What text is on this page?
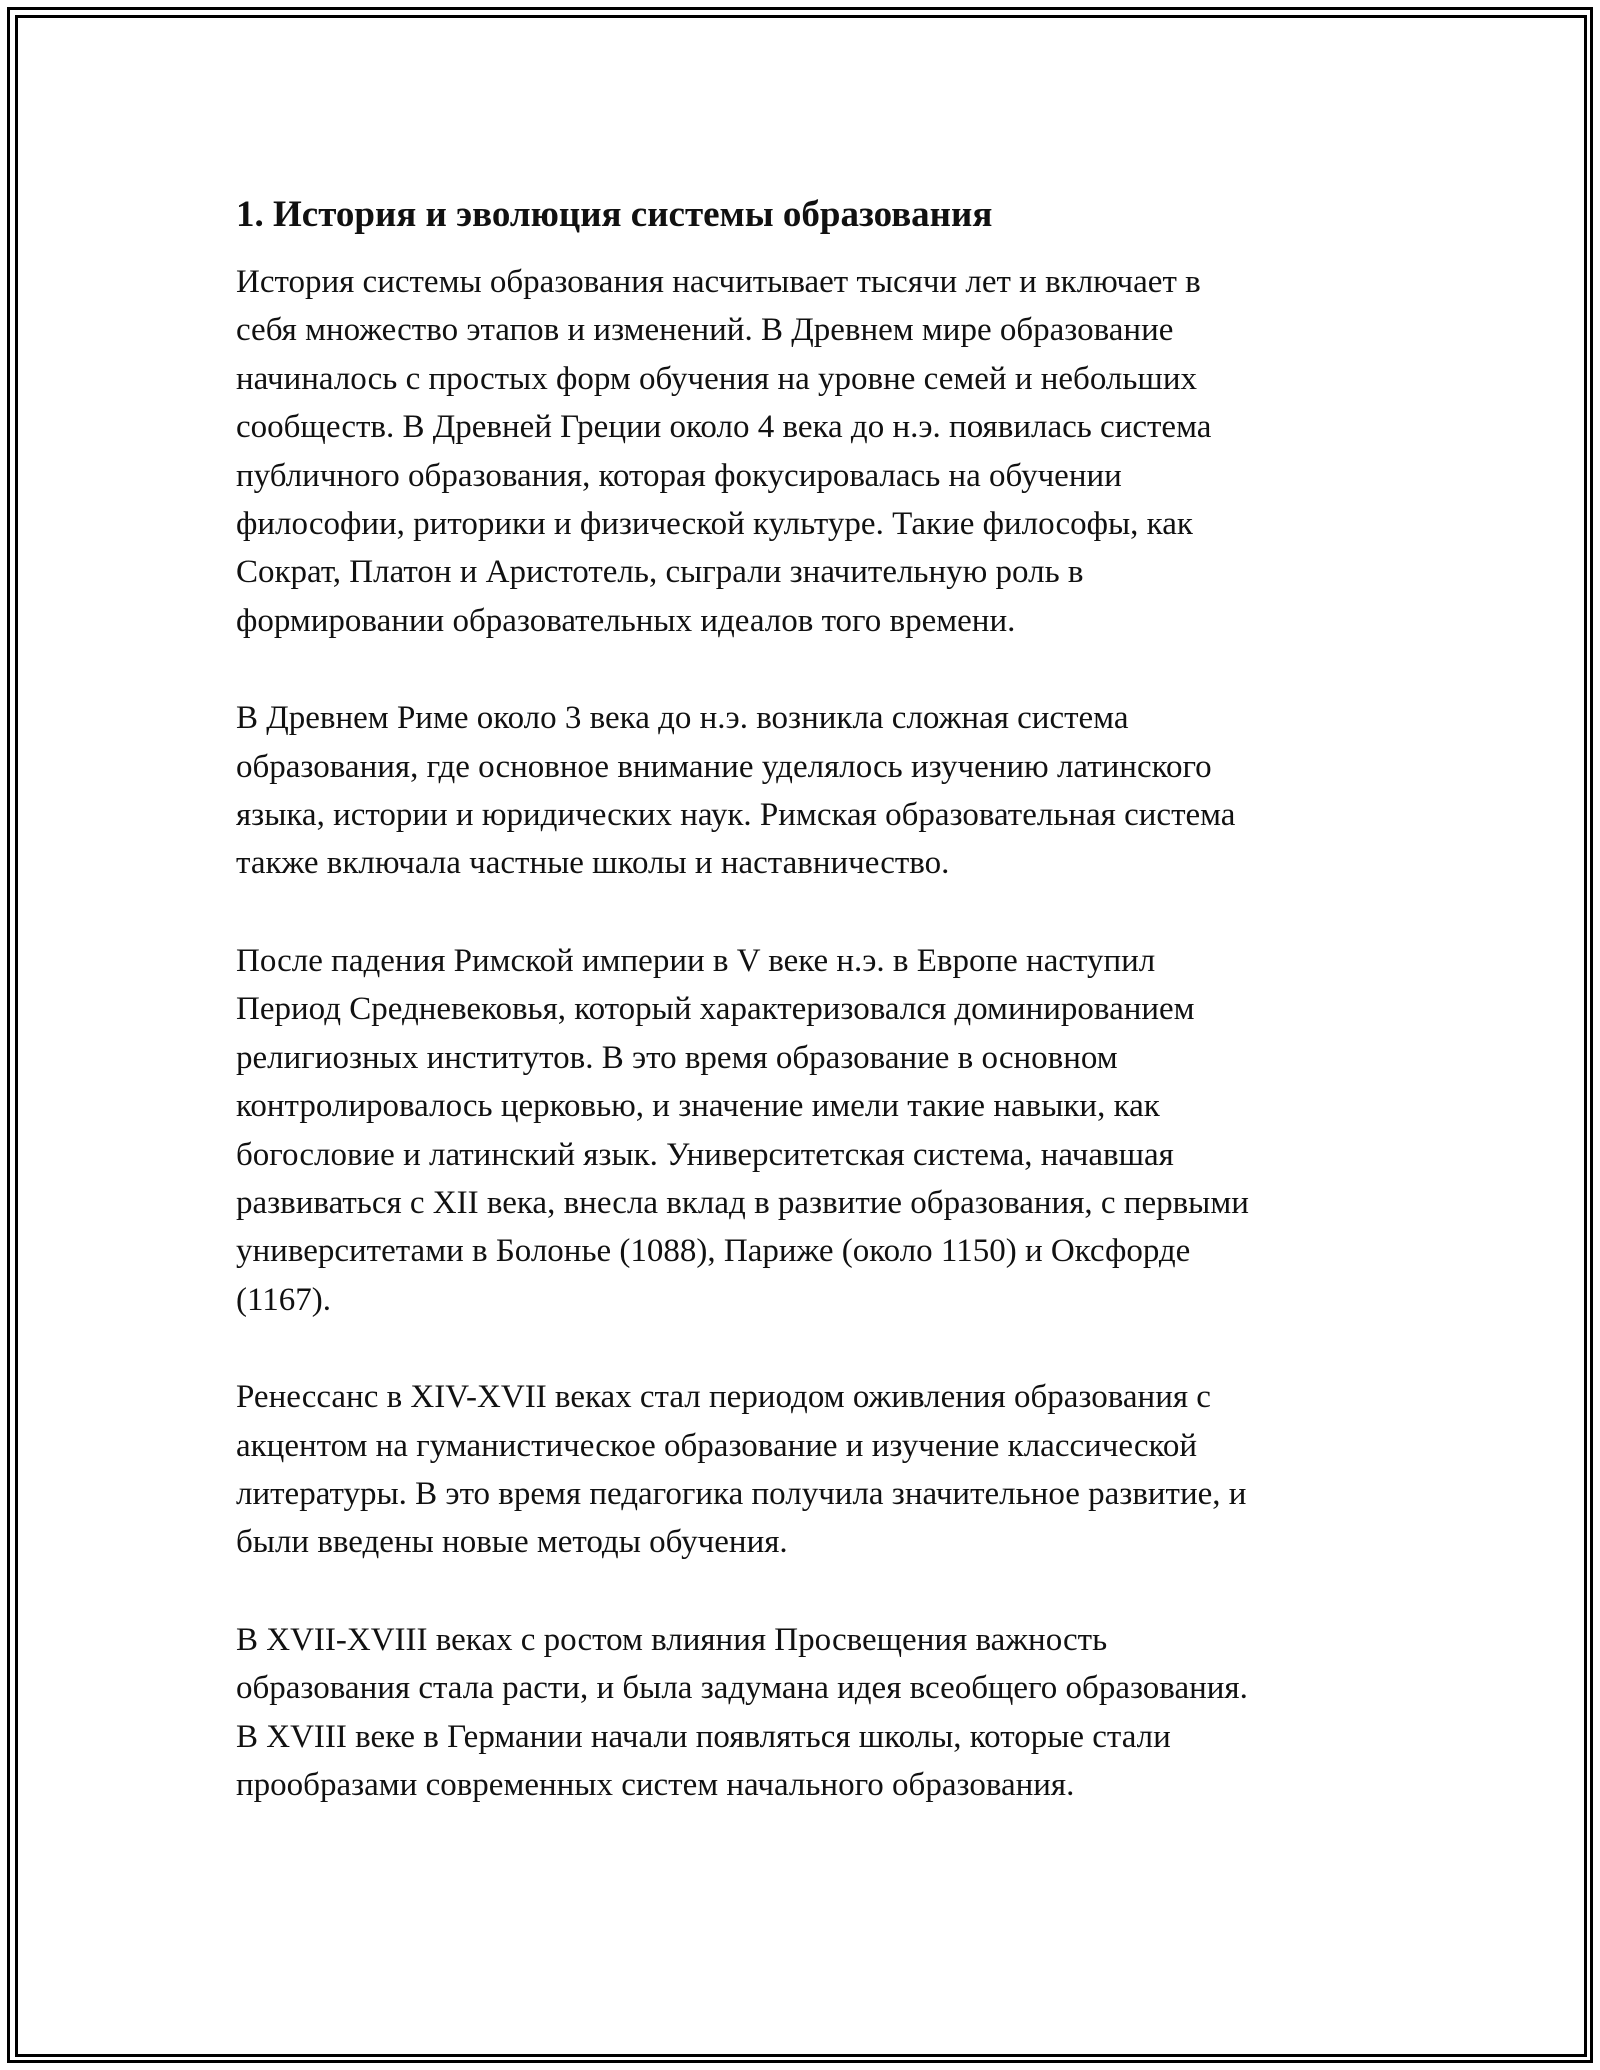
1. История и эволюция системы образования

История системы образования насчитывает тысячи лет и включает в
себя множество этапов и изменений. В Древнем мире образование
начиналось с простых форм обучения на уровне семей и небольших
сообществ. В Древней Греции около 4 века до н.э. появилась система
публичного образования, которая фокусировалась на обучении
философии, риторики и физической культуре. Такие философы, как
Сократ, Платон и Аристотель, сыграли значительную роль в
формировании образовательных идеалов того времени.

В Древнем Риме около 3 века до н.э. возникла сложная система
образования, где основное внимание уделялось изучению латинского
языка, истории и юридических наук. Римская образовательная система
также включала частные школы и наставничество.

После падения Римской империи в V веке н.э. в Европе наступил
Период Средневековья, который характеризовался доминированием
религиозных институтов. В это время образование в основном
контролировалось церковью, и значение имели такие навыки, как
богословие и латинский язык. Университетская система, начавшая
развиваться с XII века, внесла вклад в развитие образования, с первыми
университетами в Болонье (1088), Париже (около 1150) и Оксфорде
(1167).

Ренессанс в XIV-XVII веках стал периодом оживления образования с
акцентом на гуманистическое образование и изучение классической
литературы. В это время педагогика получила значительное развитие, и
были введены новые методы обучения.

В XVII-XVIII веках с ростом влияния Просвещения важность
образования стала расти, и была задумана идея всеобщего образования.
В XVIII веке в Германии начали появляться школы, которые стали
прообразами современных систем начального образования.
